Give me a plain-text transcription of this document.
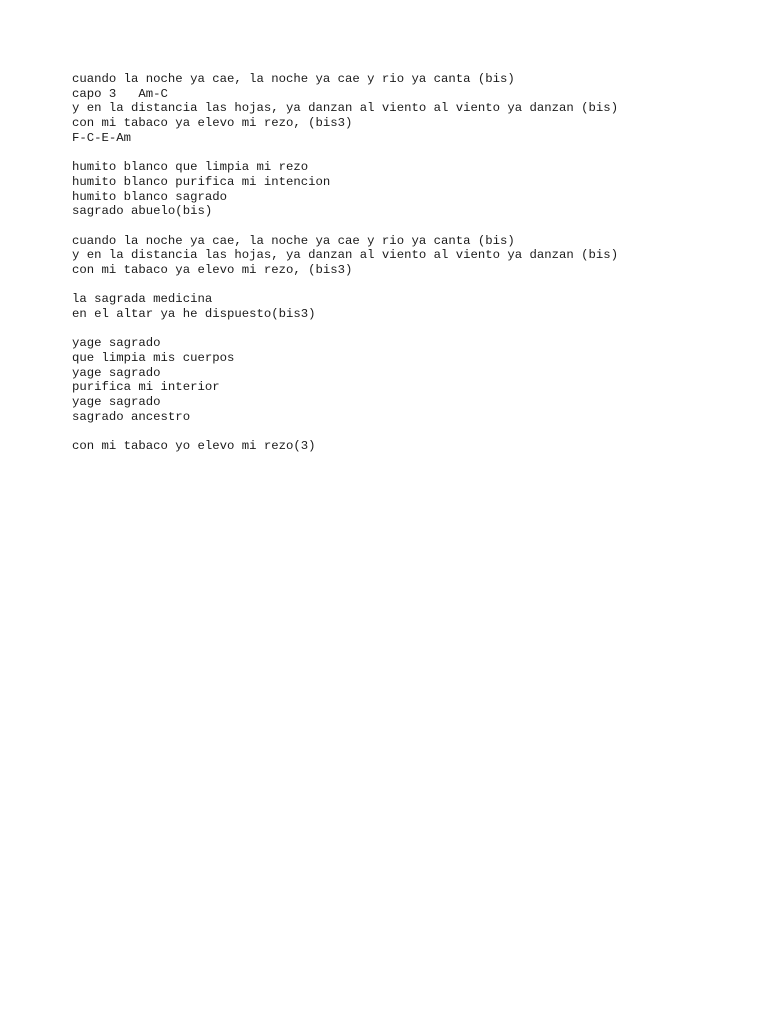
cuando la noche ya cae, la noche ya cae y rio ya canta (bis)
capo 3   Am-C
y en la distancia las hojas, ya danzan al viento al viento ya danzan (bis)
con mi tabaco ya elevo mi rezo, (bis3)
F-C-E-Am
humito blanco que limpia mi rezo
humito blanco purifica mi intencion
humito blanco sagrado
sagrado abuelo(bis)
cuando la noche ya cae, la noche ya cae y rio ya canta (bis)
y en la distancia las hojas, ya danzan al viento al viento ya danzan (bis)
con mi tabaco ya elevo mi rezo, (bis3)
la sagrada medicina
en el altar ya he dispuesto(bis3)
yage sagrado
que limpia mis cuerpos
yage sagrado
purifica mi interior
yage sagrado
sagrado ancestro
con mi tabaco yo elevo mi rezo(3)
